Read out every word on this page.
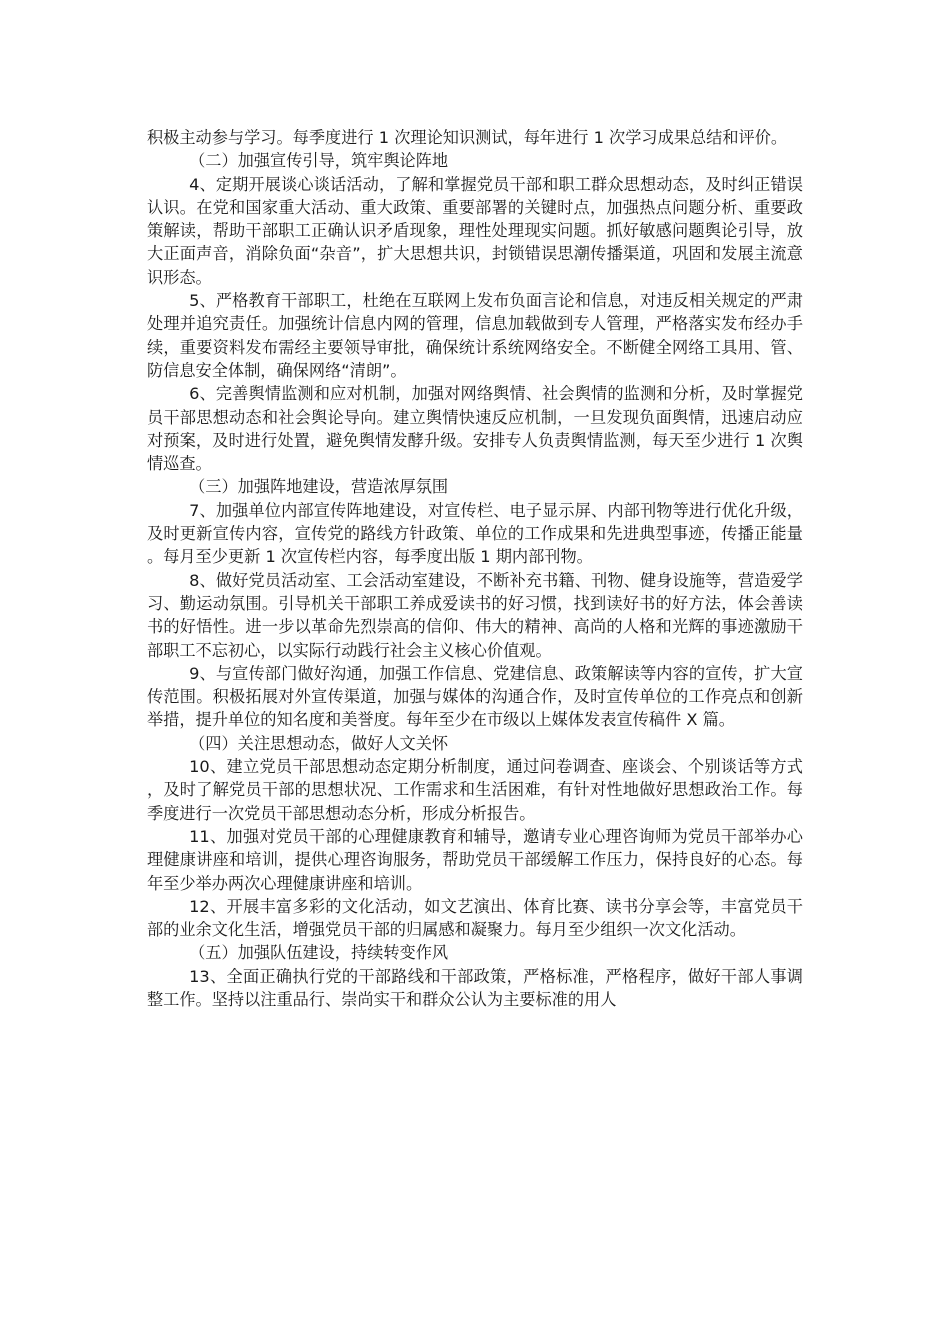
积极主动参与学习。每季度进行 1 次理论知识测试，每年进行 1 次学习成果总结和评价。

（二）加强宣传引导，筑牢舆论阵地

4、定期开展谈心谈话活动，了解和掌握党员干部和职工群众思想动态，及时纠正错误认识。在党和国家重大活动、重大政策、重要部署的关键时点，加强热点问题分析、重要政策解读，帮助干部职工正确认识矛盾现象，理性处理现实问题。抓好敏感问题舆论引导，放大正面声音，消除负面“杂音”，扩大思想共识，封锁错误思潮传播渠道，巩固和发展主流意识形态。

5、严格教育干部职工，杜绝在互联网上发布负面言论和信息，对违反相关规定的严肃处理并追究责任。加强统计信息内网的管理，信息加载做到专人管理，严格落实发布经办手续，重要资料发布需经主要领导审批，确保统计系统网络安全。不断健全网络工具用、管、防信息安全体制，确保网络“清朗”。

6、完善舆情监测和应对机制，加强对网络舆情、社会舆情的监测和分析，及时掌握党员干部思想动态和社会舆论导向。建立舆情快速反应机制，一旦发现负面舆情，迅速启动应对预案，及时进行处置，避免舆情发酵升级。安排专人负责舆情监测，每天至少进行 1 次舆情巡查。

（三）加强阵地建设，营造浓厚氛围

7、加强单位内部宣传阵地建设，对宣传栏、电子显示屏、内部刊物等进行优化升级，及时更新宣传内容，宣传党的路线方针政策、单位的工作成果和先进典型事迹，传播正能量。每月至少更新 1 次宣传栏内容，每季度出版 1 期内部刊物。

8、做好党员活动室、工会活动室建设，不断补充书籍、刊物、健身设施等，营造爱学习、勤运动氛围。引导机关干部职工养成爱读书的好习惯，找到读好书的好方法，体会善读书的好悟性。进一步以革命先烈崇高的信仰、伟大的精神、高尚的人格和光辉的事迹激励干部职工不忘初心，以实际行动践行社会主义核心价值观。

9、与宣传部门做好沟通，加强工作信息、党建信息、政策解读等内容的宣传，扩大宣传范围。积极拓展对外宣传渠道，加强与媒体的沟通合作，及时宣传单位的工作亮点和创新举措，提升单位的知名度和美誉度。每年至少在市级以上媒体发表宣传稿件 X 篇。

（四）关注思想动态，做好人文关怀

10、建立党员干部思想动态定期分析制度，通过问卷调查、座谈会、个别谈话等方式，及时了解党员干部的思想状况、工作需求和生活困难，有针对性地做好思想政治工作。每季度进行一次党员干部思想动态分析，形成分析报告。

11、加强对党员干部的心理健康教育和辅导，邀请专业心理咨询师为党员干部举办心理健康讲座和培训，提供心理咨询服务，帮助党员干部缓解工作压力，保持良好的心态。每年至少举办两次心理健康讲座和培训。

12、开展丰富多彩的文化活动，如文艺演出、体育比赛、读书分享会等，丰富党员干部的业余文化生活，增强党员干部的归属感和凝聚力。每月至少组织一次文化活动。

（五）加强队伍建设，持续转变作风

13、全面正确执行党的干部路线和干部政策，严格标准，严格程序，做好干部人事调整工作。坚持以注重品行、崇尚实干和群众公认为主要标准的用人
